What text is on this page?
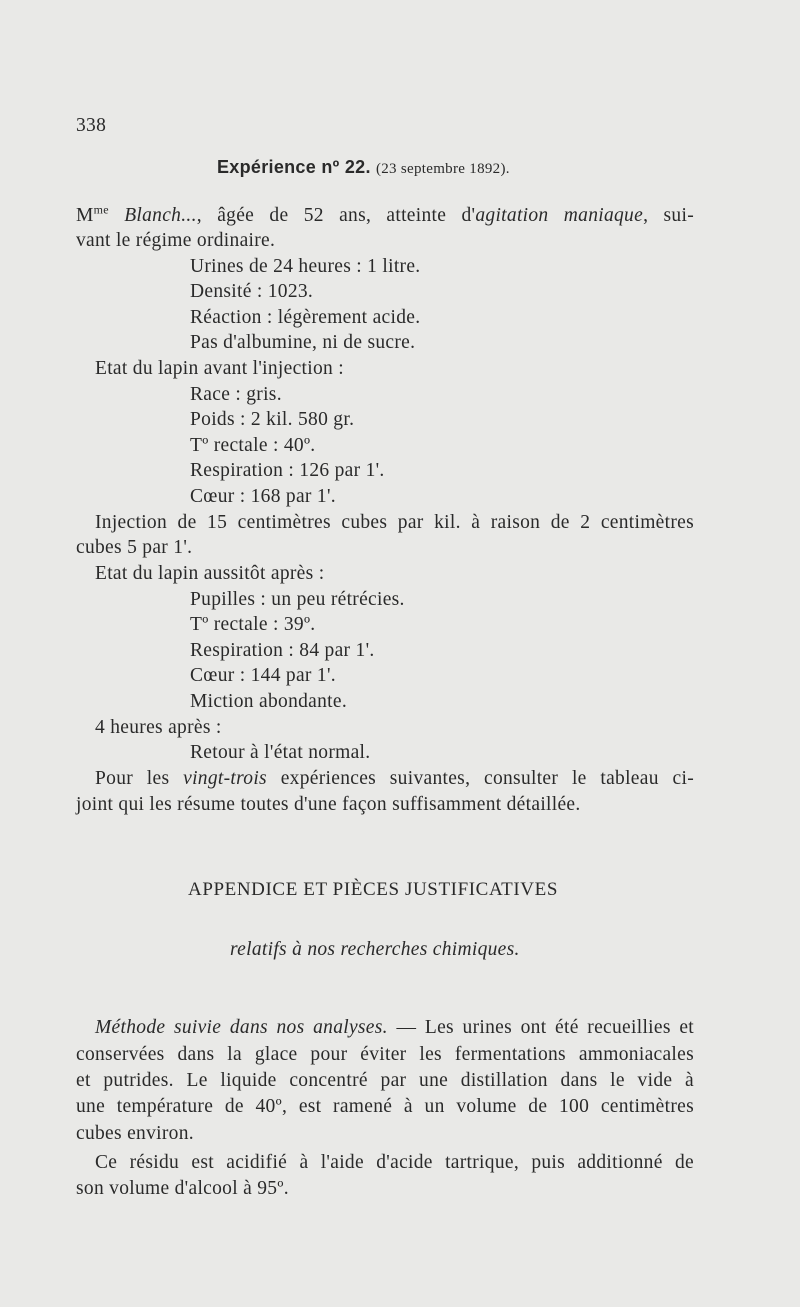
338
Expérience nº 22. (23 septembre 1892).
$M^{me}$ Blanch..., âgée de 52 ans, atteinte d'agitation maniaque, sui-
vant le régime ordinaire.
Urines de 24 heures : 1 litre.
Densité : 1023.
Réaction : légèrement acide.
Pas d'albumine, ni de sucre.
Etat du lapin avant l'injection :
Race : gris.
Poids : 2 kil. 580 gr.
Tº rectale : 40º.
Respiration : 126 par 1'.
Cœur : 168 par 1'.
Injection de 15 centimètres cubes par kil. à raison de 2 centimètres
cubes 5 par 1'.
Etat du lapin aussitôt après :
Pupilles : un peu rétrécies.
Tº rectale : 39º.
Respiration : 84 par 1'.
Cœur : 144 par 1'.
Miction abondante.
4 heures après :
Retour à l'état normal.
Pour les vingt-trois expériences suivantes, consulter le tableau ci-
joint qui les résume toutes d'une façon suffisamment détaillée.
APPENDICE ET PIÈCES JUSTIFICATIVES
relatifs à nos recherches chimiques.
Méthode suivie dans nos analyses. — Les urines ont été recueillies et
conservées dans la glace pour éviter les fermentations ammoniacales
et putrides. Le liquide concentré par une distillation dans le vide à
une température de 40º, est ramené à un volume de 100 centimètres
cubes environ.
Ce résidu est acidifié à l'aide d'acide tartrique, puis additionné de
son volume d'alcool à 95º.
